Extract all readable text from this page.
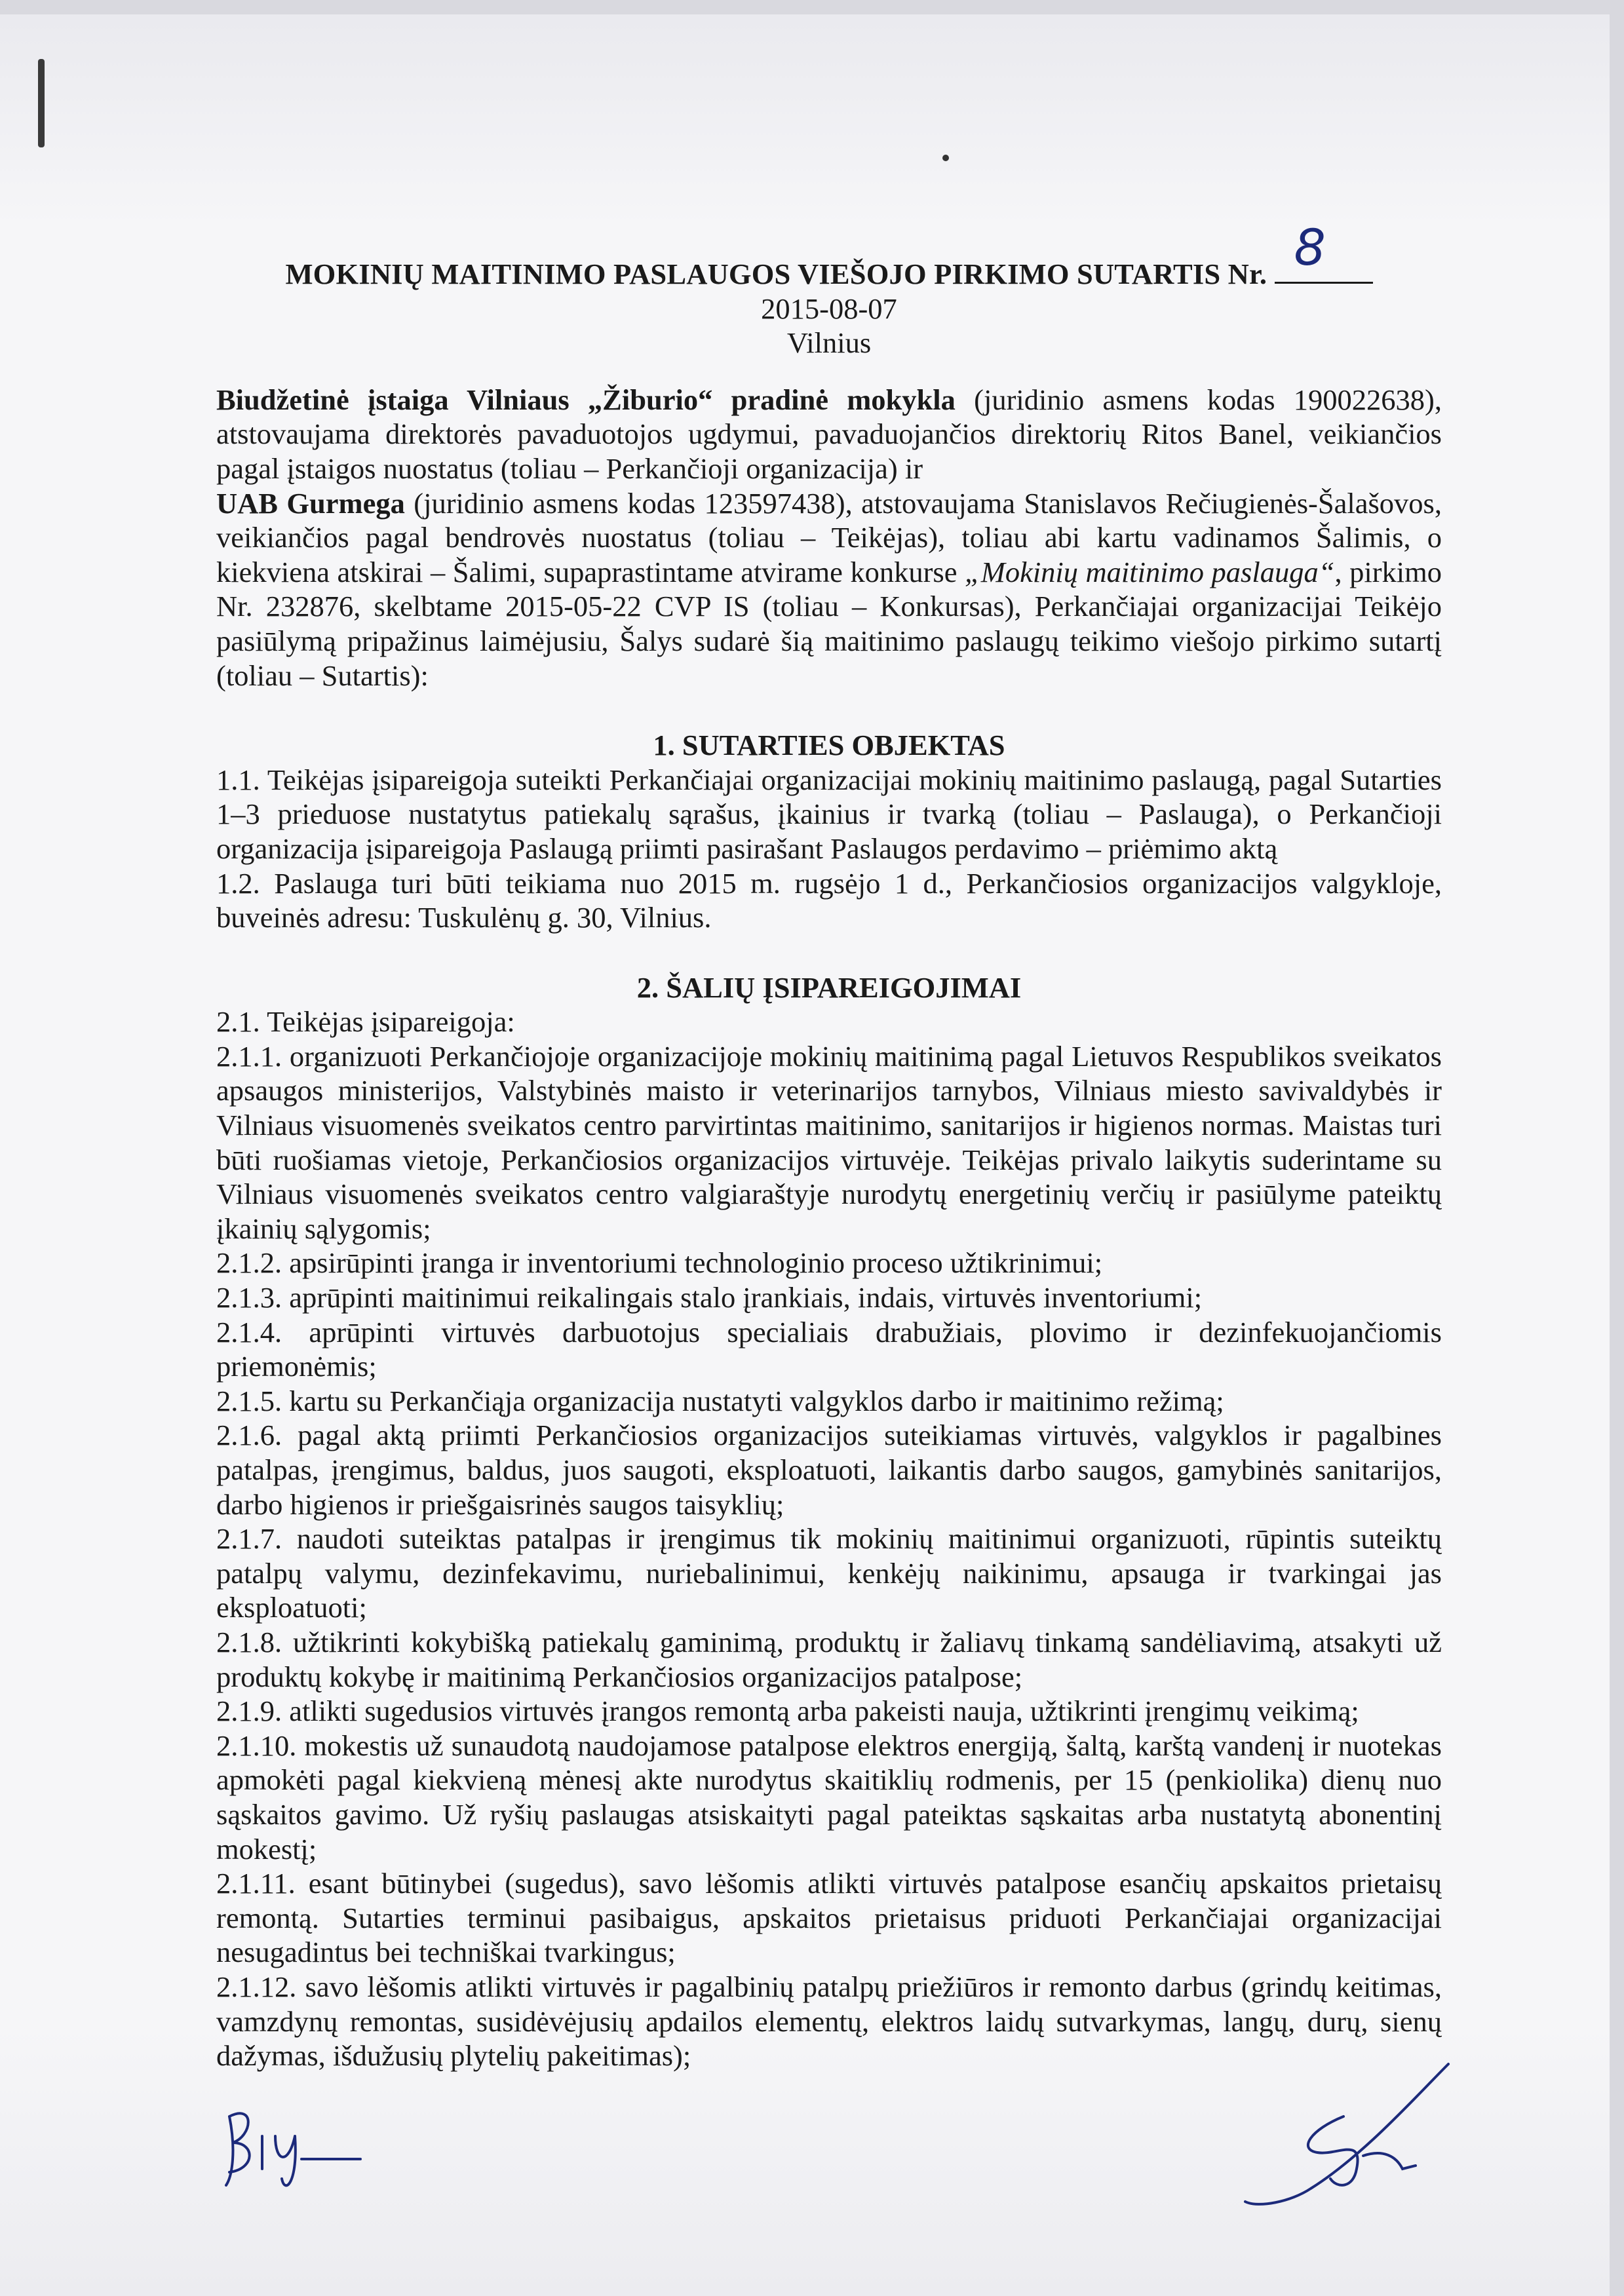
MOKINIŲ MAITINIMO PASLAUGOS VIEŠOJO PIRKIMO SUTARTIS Nr. 8
2015-08-07
Vilnius

Biudžetinė įstaiga Vilniaus „Žiburio“ pradinė mokykla (juridinio asmens kodas 190022638), atstovaujama direktorės pavaduotojos ugdymui, pavaduojančios direktorių Ritos Banel, veikiančios pagal įstaigos nuostatus (toliau – Perkančioji organizacija) ir

UAB Gurmega (juridinio asmens kodas 123597438), atstovaujama Stanislavos Rečiugienės-Šalašovos, veikiančios pagal bendrovės nuostatus (toliau – Teikėjas), toliau abi kartu vadinamos Šalimis, o kiekviena atskirai – Šalimi, supaprastintame atvirame konkurse „Mokinių maitinimo paslauga“, pirkimo Nr. 232876, skelbtame 2015-05-22 CVP IS (toliau – Konkursas), Perkančiajai organizacijai Teikėjo pasiūlymą pripažinus laimėjusiu, Šalys sudarė šią maitinimo paslaugų teikimo viešojo pirkimo sutartį (toliau – Sutartis):

1. SUTARTIES OBJEKTAS

1.1. Teikėjas įsipareigoja suteikti Perkančiajai organizacijai mokinių maitinimo paslaugą, pagal Sutarties 1–3 prieduose nustatytus patiekalų sąrašus, įkainius ir tvarką (toliau – Paslauga), o Perkančioji organizacija įsipareigoja Paslaugą priimti pasirašant Paslaugos perdavimo – priėmimo aktą

1.2. Paslauga turi būti teikiama nuo 2015 m. rugsėjo 1 d., Perkančiosios organizacijos valgykloje, buveinės adresu: Tuskulėnų g. 30, Vilnius.

2. ŠALIŲ ĮSIPAREIGOJIMAI

2.1. Teikėjas įsipareigoja:

2.1.1. organizuoti Perkančiojoje organizacijoje mokinių maitinimą pagal Lietuvos Respublikos sveikatos apsaugos ministerijos, Valstybinės maisto ir veterinarijos tarnybos, Vilniaus miesto savivaldybės ir Vilniaus visuomenės sveikatos centro parvirtintas maitinimo, sanitarijos ir higienos normas. Maistas turi būti ruošiamas vietoje, Perkančiosios organizacijos virtuvėje. Teikėjas privalo laikytis suderintame su Vilniaus visuomenės sveikatos centro valgiaraštyje nurodytų energetinių verčių ir pasiūlyme pateiktų įkainių sąlygomis;

2.1.2. apsirūpinti įranga ir inventoriumi technologinio proceso užtikrinimui;

2.1.3. aprūpinti maitinimui reikalingais stalo įrankiais, indais, virtuvės inventoriumi;

2.1.4. aprūpinti virtuvės darbuotojus specialiais drabužiais, plovimo ir dezinfekuojančiomis priemonėmis;

2.1.5. kartu su Perkančiąja organizacija nustatyti valgyklos darbo ir maitinimo režimą;

2.1.6. pagal aktą priimti Perkančiosios organizacijos suteikiamas virtuvės, valgyklos ir pagalbines patalpas, įrengimus, baldus, juos saugoti, eksploatuoti, laikantis darbo saugos, gamybinės sanitarijos, darbo higienos ir priešgaisrinės saugos taisyklių;

2.1.7. naudoti suteiktas patalpas ir įrengimus tik mokinių maitinimui organizuoti, rūpintis suteiktų patalpų valymu, dezinfekavimu, nuriebalinimui, kenkėjų naikinimu, apsauga ir tvarkingai jas eksploatuoti;

2.1.8. užtikrinti kokybišką patiekalų gaminimą, produktų ir žaliavų tinkamą sandėliavimą, atsakyti už produktų kokybę ir maitinimą Perkančiosios organizacijos patalpose;

2.1.9. atlikti sugedusios virtuvės įrangos remontą arba pakeisti nauja, užtikrinti įrengimų veikimą;

2.1.10. mokestis už sunaudotą naudojamose patalpose elektros energiją, šaltą, karštą vandenį ir nuotekas apmokėti pagal kiekvieną mėnesį akte nurodytus skaitiklių rodmenis, per 15 (penkiolika) dienų nuo sąskaitos gavimo. Už ryšių paslaugas atsiskaityti pagal pateiktas sąskaitas arba nustatytą abonentinį mokestį;

2.1.11. esant būtinybei (sugedus), savo lėšomis atlikti virtuvės patalpose esančių apskaitos prietaisų remontą. Sutarties terminui pasibaigus, apskaitos prietaisus priduoti Perkančiajai organizacijai nesugadintus bei techniškai tvarkingus;

2.1.12. savo lėšomis atlikti virtuvės ir pagalbinių patalpų priežiūros ir remonto darbus (grindų keitimas, vamzdynų remontas, susidėvėjusių apdailos elementų, elektros laidų sutvarkymas, langų, durų, sienų dažymas, išdužusių plytelių pakeitimas);
